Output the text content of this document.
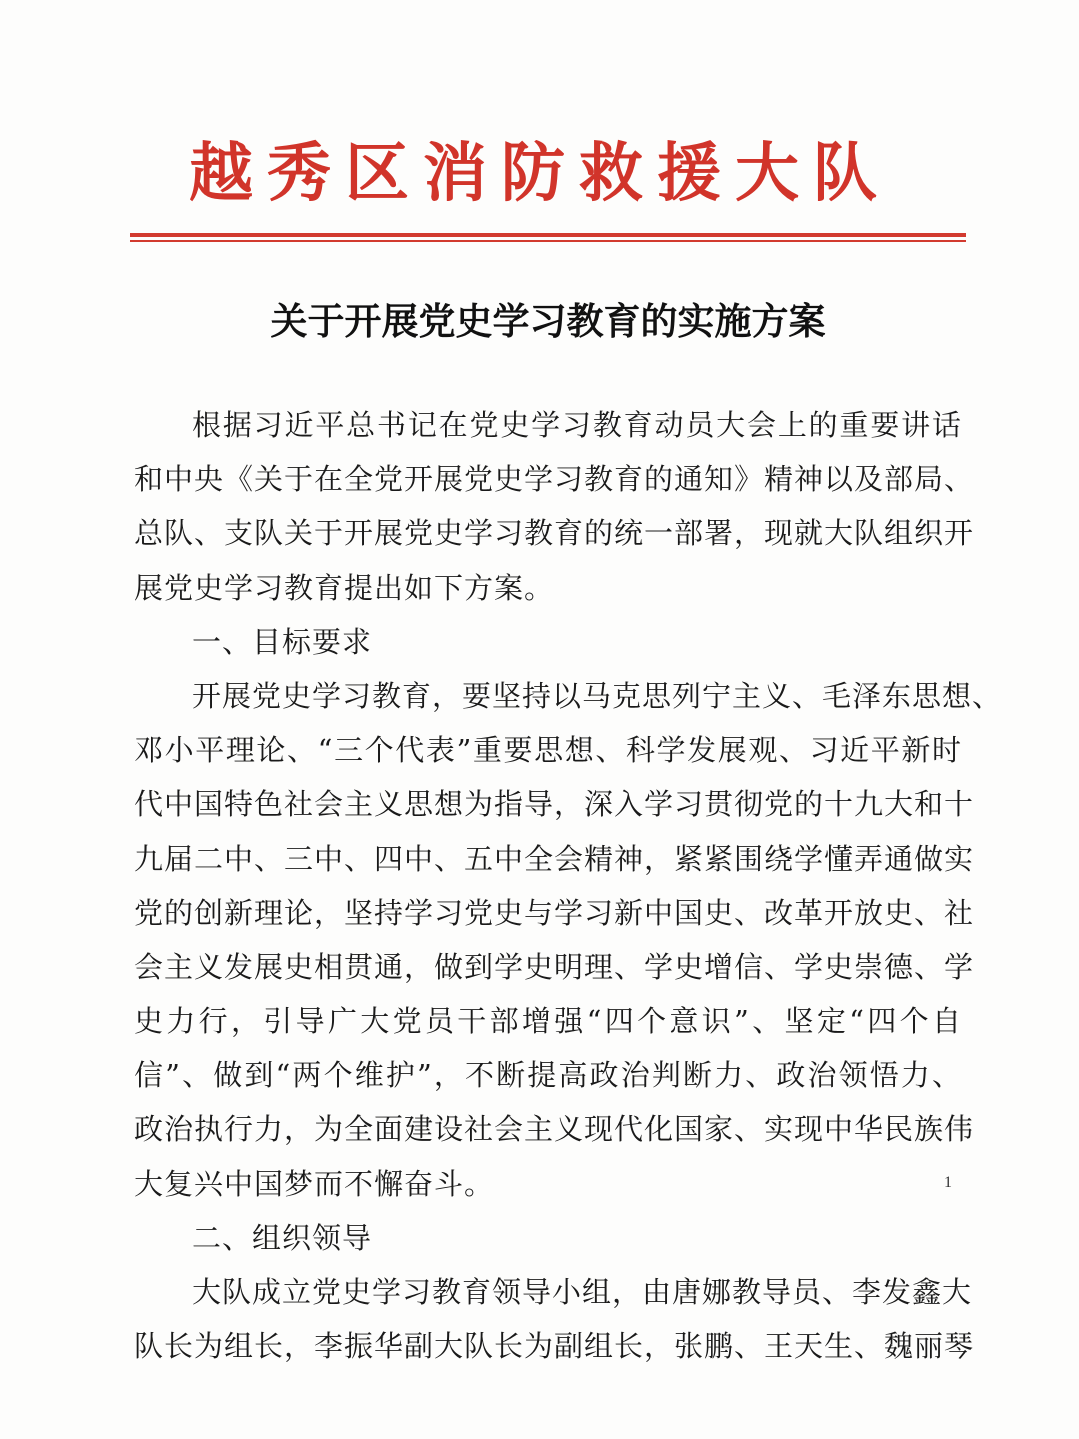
越秀区消防救援大队
关于开展党史学习教育的实施方案
根据习近平总书记在党史学习教育动员大会上的重要讲话
和中央《关于在全党开展党史学习教育的通知》精神以及部局、
总队、支队关于开展党史学习教育的统一部署，现就大队组织开
展党史学习教育提出如下方案。
一、目标要求
开展党史学习教育，要坚持以马克思列宁主义、毛泽东思想、
邓小平理论、“三个代表”重要思想、科学发展观、习近平新时
代中国特色社会主义思想为指导，深入学习贯彻党的十九大和十
九届二中、三中、四中、五中全会精神，紧紧围绕学懂弄通做实
党的创新理论，坚持学习党史与学习新中国史、改革开放史、社
会主义发展史相贯通，做到学史明理、学史增信、学史崇德、学
史力行，引导广大党员干部增强“四个意识”、坚定“四个自
信”、做到“两个维护”，不断提高政治判断力、政治领悟力、
政治执行力，为全面建设社会主义现代化国家、实现中华民族伟
大复兴中国梦而不懈奋斗。
二、组织领导
大队成立党史学习教育领导小组，由唐娜教导员、李发鑫大
队长为组长，李振华副大队长为副组长，张鹏、王天生、魏丽琴
1
